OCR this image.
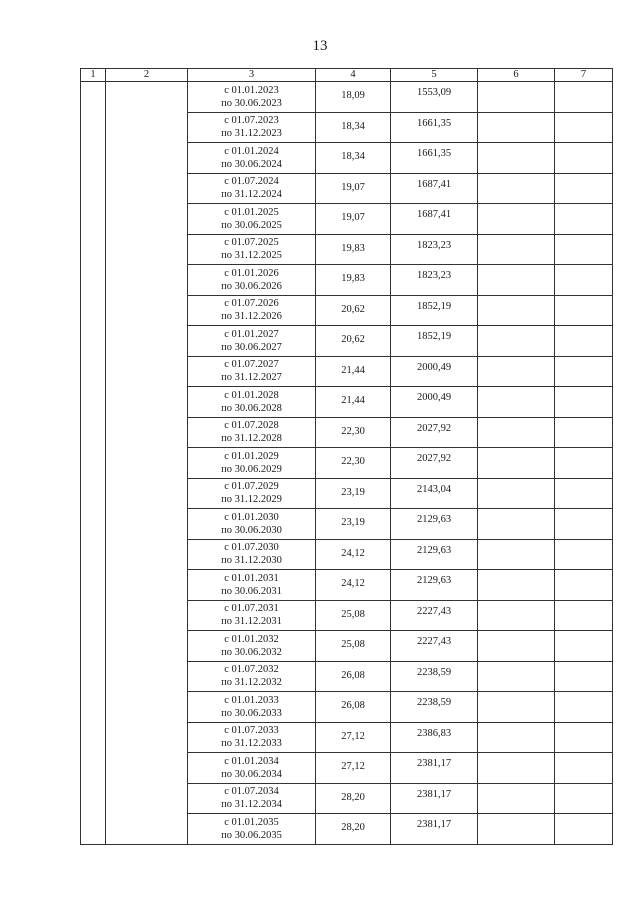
13
1	2	3	4	5	6	7

		с 01.01.2023
по 30.06.2023	18,09	1553,09		

		с 01.07.2023
по 31.12.2023	18,34	1661,35		

		с 01.01.2024
по 30.06.2024	18,34	1661,35		

		с 01.07.2024
по 31.12.2024	19,07	1687,41		

		с 01.01.2025
по 30.06.2025	19,07	1687,41		

		с 01.07.2025
по 31.12.2025	19,83	1823,23		

		с 01.01.2026
по 30.06.2026	19,83	1823,23		

		с 01.07.2026
по 31.12.2026	20,62	1852,19		

		с 01.01.2027
по 30.06.2027	20,62	1852,19		

		с 01.07.2027
по 31.12.2027	21,44	2000,49		

		с 01.01.2028
по 30.06.2028	21,44	2000,49		

		с 01.07.2028
по 31.12.2028	22,30	2027,92		

		с 01.01.2029
по 30.06.2029	22,30	2027,92		

		с 01.07.2029
по 31.12.2029	23,19	2143,04		

		с 01.01.2030
по 30.06.2030	23,19	2129,63		

		с 01.07.2030
по 31.12.2030	24,12	2129,63		

		с 01.01.2031
по 30.06.2031	24,12	2129,63		

		с 01.07.2031
по 31.12.2031	25,08	2227,43		

		с 01.01.2032
по 30.06.2032	25,08	2227,43		

		с 01.07.2032
по 31.12.2032	26,08	2238,59		

		с 01.01.2033
по 30.06.2033	26,08	2238,59		

		с 01.07.2033
по 31.12.2033	27,12	2386,83		

		с 01.01.2034
по 30.06.2034	27,12	2381,17		

		с 01.07.2034
по 31.12.2034	28,20	2381,17		

		с 01.01.2035
по 30.06.2035	28,20	2381,17		
